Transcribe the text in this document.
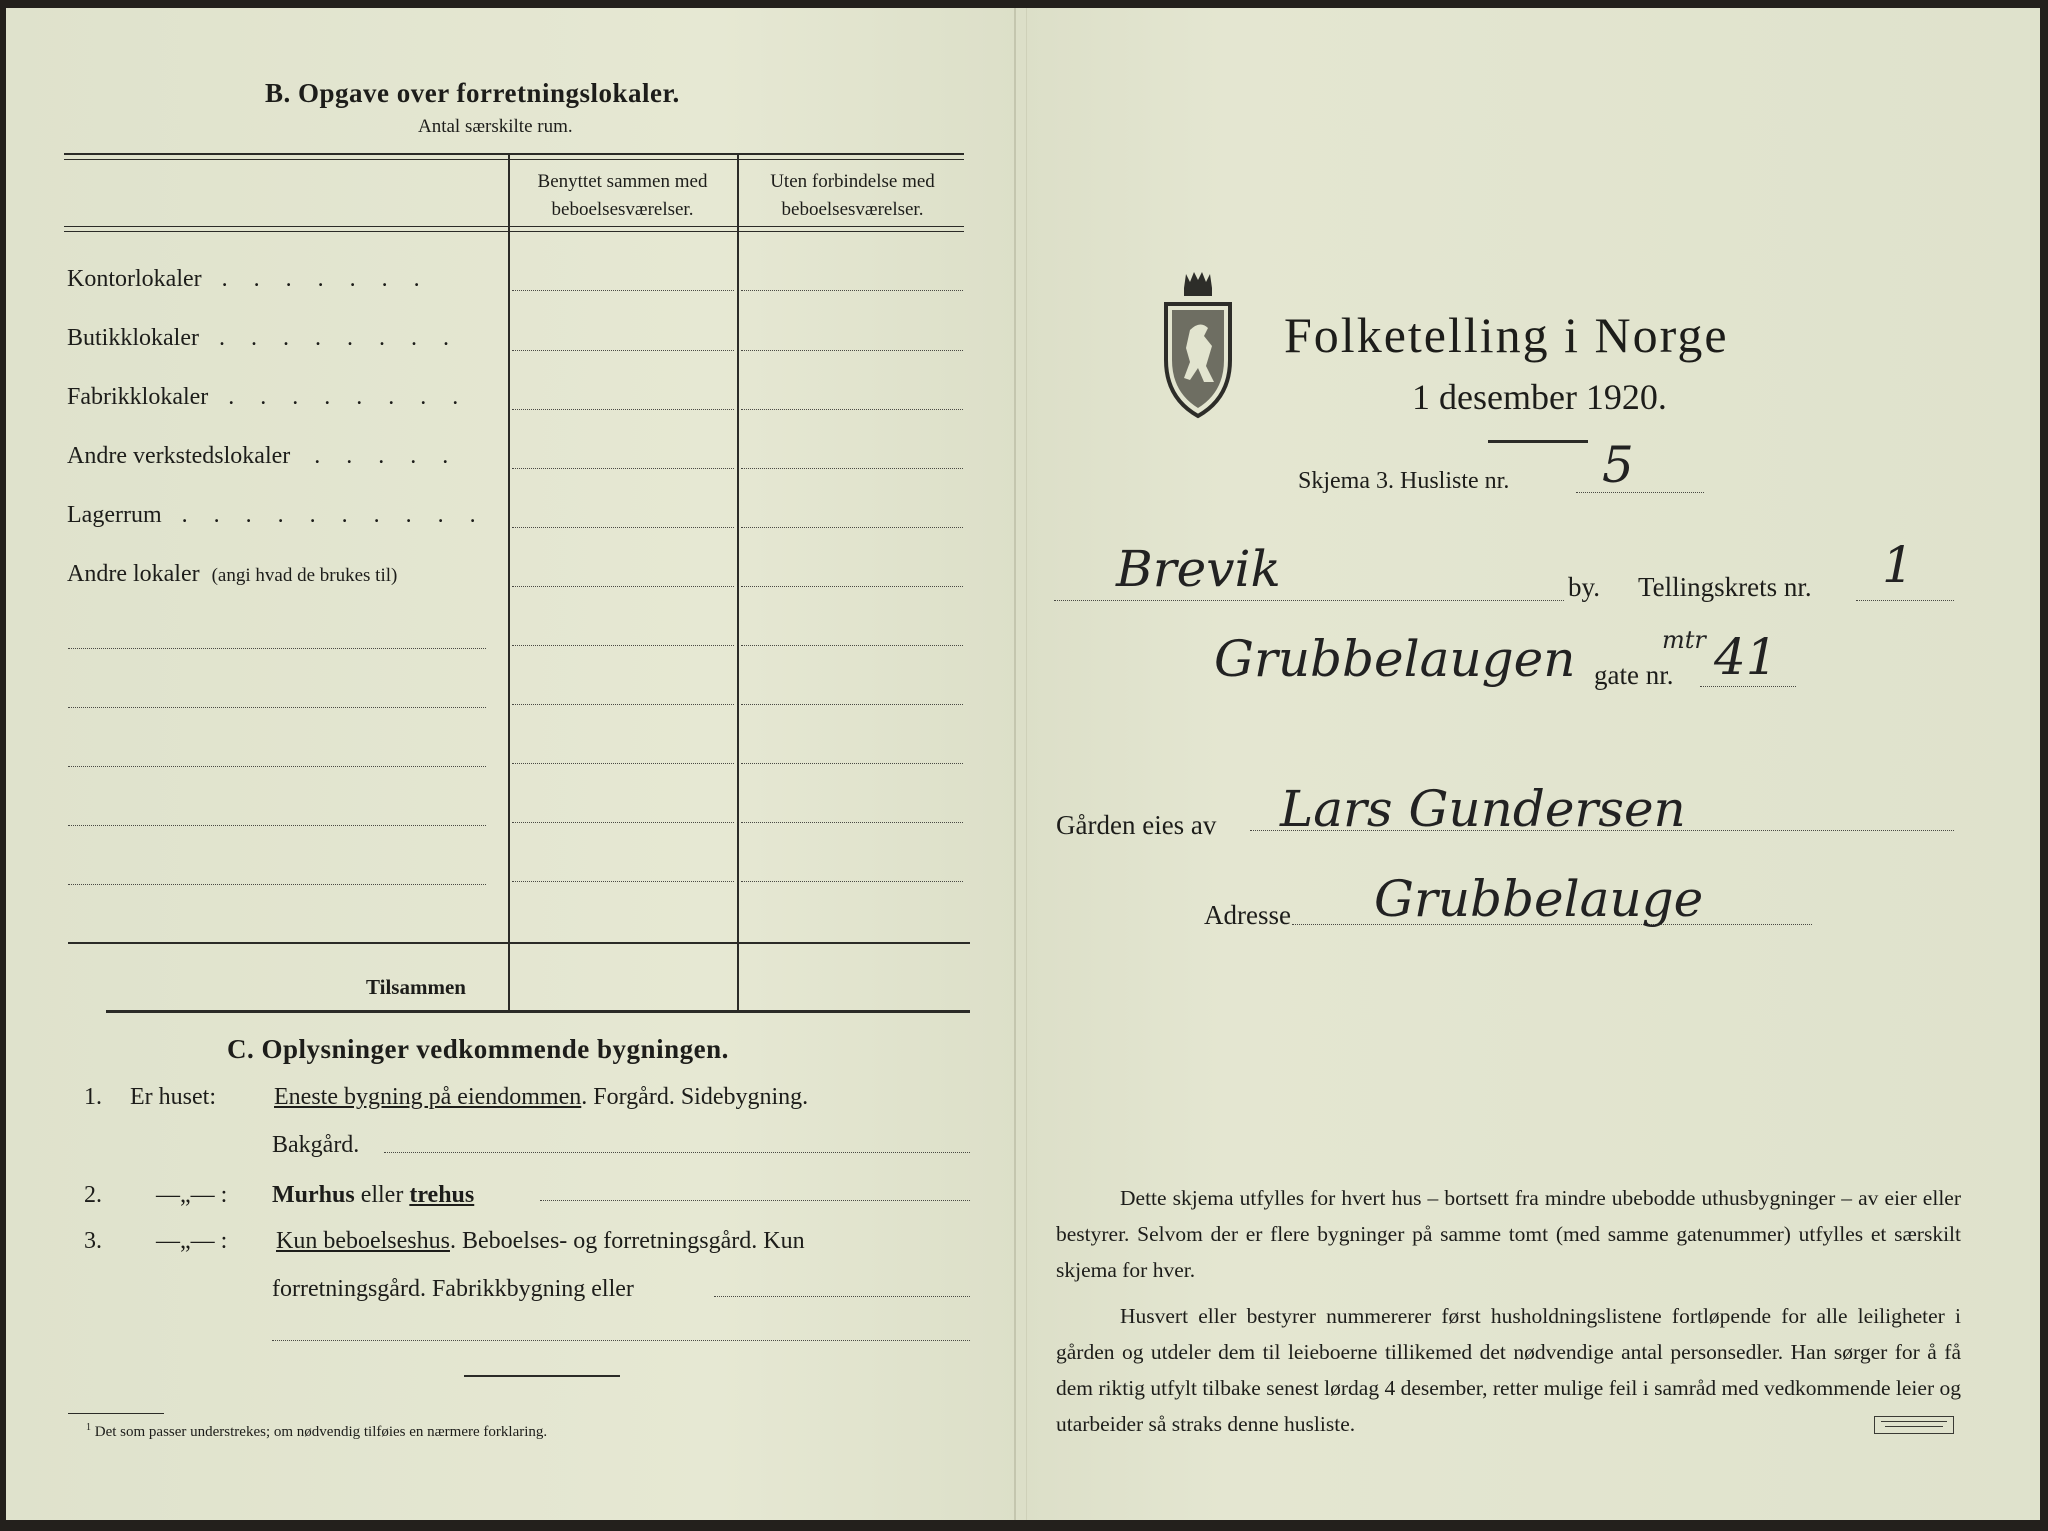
B. Opgave over forretningslokaler.
Antal særskilte rum.
Benyttet sammen med beboelsesværelser.
Uten forbindelse med beboelsesværelser.
Kontorlokaler . . . . . . .
Butikklokaler . . . . . . . .
Fabrikklokaler . . . . . . . .
Andre verkstedslokaler . . . . .
Lagerrum . . . . . . . . . .
Andre lokaler (angi hvad de brukes til)
Tilsammen
C. Oplysninger vedkommende bygningen.
1. Er huset: Eneste bygning på eiendommen. Forgård. Sidebygning.
Bakgård.
2. —„— : Murhus eller trehus
3. —„— : Kun beboelseshus. Beboelses- og forretningsgård. Kun
forretningsgård. Fabrikkbygning eller
$^1$ Det som passer understrekes; om nødvendig tilføies en nærmere forklaring.
Folketelling i Norge
1 desember 1920.
Skjema 3. Husliste nr. 5
Brevik	by. Tellingskrets nr. 1
Grubbelaugen	mtr
gate nr. 41
Gården eies av Lars Gundersen
Adresse Grubbelauge
Dette skjema utfylles for hvert hus – bortsett fra mindre ubebodde uthusbygninger – av eier eller bestyrer. Selvom der er flere bygninger på samme tomt (med samme gatenummer) utfylles et særskilt skjema for hver.
Husvert eller bestyrer nummererer først husholdningslistene fortløpende for alle leiligheter i gården og utdeler dem til leieboerne tillikemed det nødvendige antal personsedler. Han sørger for å få dem riktig utfylt tilbake senest lørdag 4 desember, retter mulige feil i samråd med vedkommende leier og utarbeider så straks denne husliste.
